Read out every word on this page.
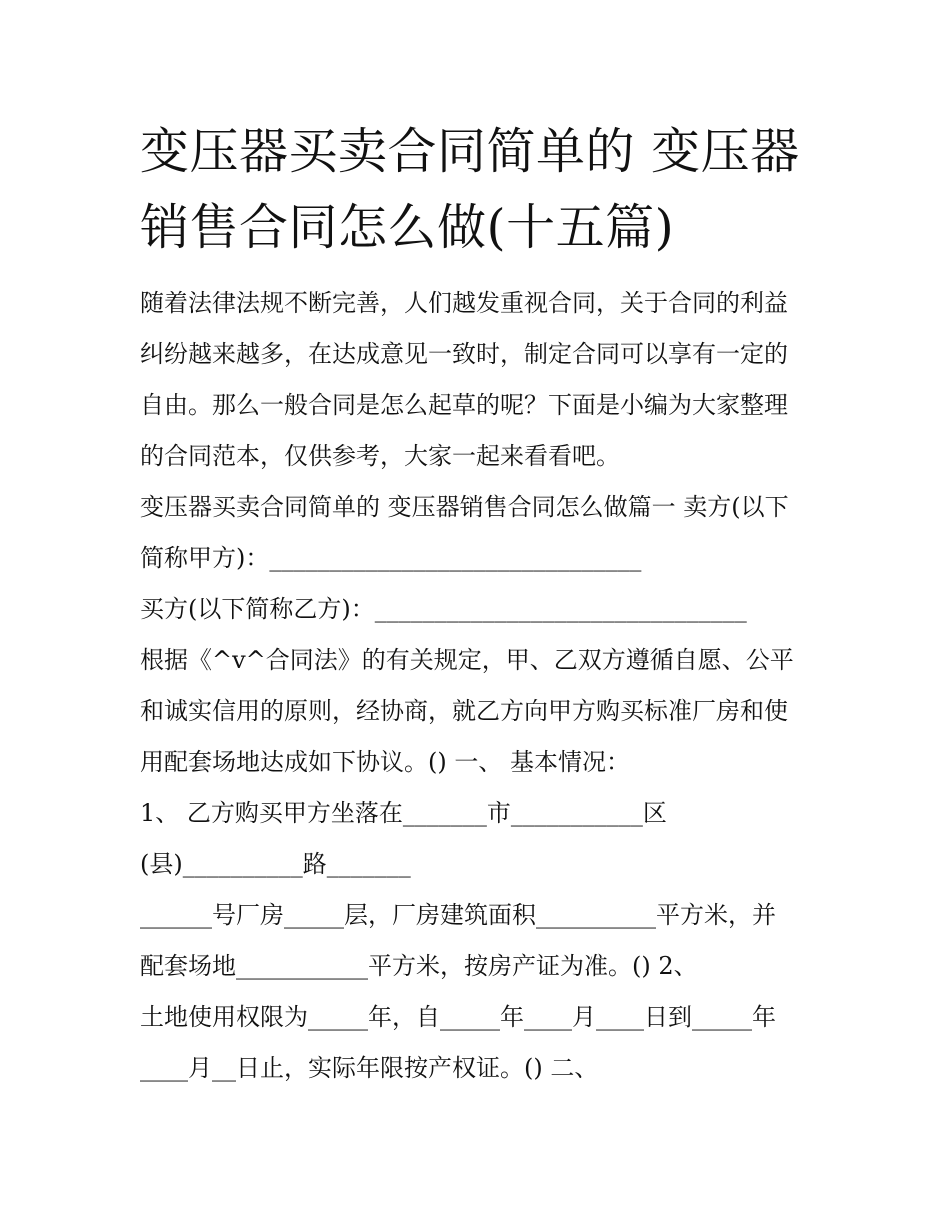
变压器买卖合同简单的 变压器
销售合同怎么做(十五篇)
随着法律法规不断完善，人们越发重视合同，关于合同的利益
纠纷越来越多，在达成意见一致时，制定合同可以享有一定的
自由。那么一般合同是怎么起草的呢？下面是小编为大家整理
的合同范本，仅供参考，大家一起来看看吧。
变压器买卖合同简单的 变压器销售合同怎么做篇一 卖方(以下
简称甲方)：_______________________________
买方(以下简称乙方)：_______________________________
根据《^v^合同法》的有关规定，甲、乙双方遵循自愿、公平
和诚实信用的原则，经协商，就乙方向甲方购买标准厂房和使
用配套场地达成如下协议。() 一、 基本情况：
1、 乙方购买甲方坐落在_______市___________区
(县)__________路_______
______号厂房_____层，厂房建筑面积__________平方米，并
配套场地___________平方米，按房产证为准。() 2、
土地使用权限为_____年，自_____年____月____日到_____年
____月__日止，实际年限按产权证。() 二、
